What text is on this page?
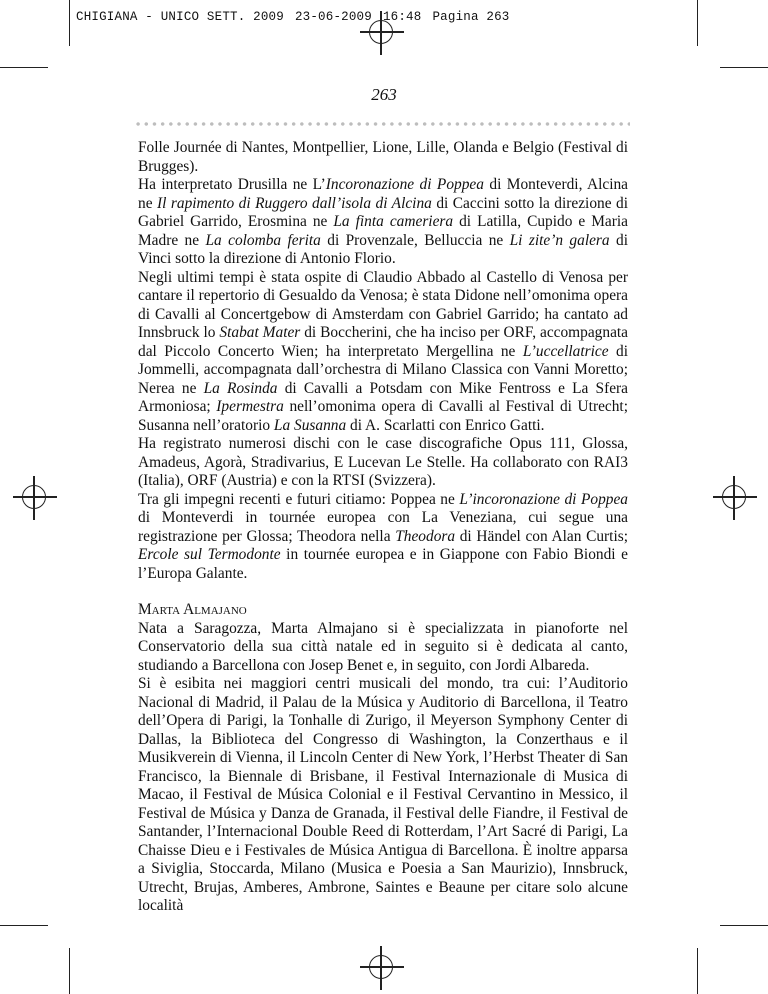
CHIGIANA - UNICO SETT. 2009 23-06-2009 16:48 Pagina 263
263

Folle Journée di Nantes, Montpellier, Lione, Lille, Olanda e Belgio (Festival di Brugges).

Ha interpretato Drusilla ne L’Incoronazione di Poppea di Monteverdi, Alcina ne Il rapimento di Ruggero dall’isola di Alcina di Caccini sotto la direzione di Gabriel Garrido, Erosmina ne La finta cameriera di Latilla, Cupido e Maria Madre ne La colomba ferita di Provenzale, Belluccia ne Li zite’n galera di Vinci sotto la direzione di Antonio Florio.

Negli ultimi tempi è stata ospite di Claudio Abbado al Castello di Venosa per cantare il repertorio di Gesualdo da Venosa; è stata Didone nell’omonima opera di Cavalli al Concertgebow di Amsterdam con Gabriel Garrido; ha cantato ad Innsbruck lo Stabat Mater di Boccherini, che ha inciso per ORF, accompagnata dal Piccolo Concerto Wien; ha interpretato Mergellina ne L’uccellatrice di Jommelli, accompagnata dall’orchestra di Milano Classica con Vanni Moretto; Nerea ne La Rosinda di Cavalli a Potsdam con Mike Fentross e La Sfera Armoniosa; Ipermestra nell’omonima opera di Cavalli al Festival di Utrecht; Susanna nell’oratorio La Susanna di A. Scarlatti con Enrico Gatti.

Ha registrato numerosi dischi con le case discografiche Opus 111, Glossa, Amadeus, Agorà, Stradivarius, E Lucevan Le Stelle. Ha collaborato con RAI3 (Italia), ORF (Austria) e con la RTSI (Svizzera).

Tra gli impegni recenti e futuri citiamo: Poppea ne L’incoronazione di Poppea di Monteverdi in tournée europea con La Veneziana, cui segue una registrazione per Glossa; Theodora nella Theodora di Händel con Alan Curtis; Ercole sul Termodonte in tournée europea e in Giappone con Fabio Biondi e l’Europa Galante.

Marta Almajano

Nata a Saragozza, Marta Almajano si è specializzata in pianoforte nel Conservatorio della sua città natale ed in seguito si è dedicata al canto, studiando a Barcellona con Josep Benet e, in seguito, con Jordi Albareda.

Si è esibita nei maggiori centri musicali del mondo, tra cui: l’Auditorio Nacional di Madrid, il Palau de la Música y Auditorio di Barcellona, il Teatro dell’Opera di Parigi, la Tonhalle di Zurigo, il Meyerson Symphony Center di Dallas, la Biblioteca del Congresso di Washington, la Conzerthaus e il Musikverein di Vienna, il Lincoln Center di New York, l’Herbst Theater di San Francisco, la Biennale di Brisbane, il Festival Internazionale di Musica di Macao, il Festival de Música Colonial e il Festival Cervantino in Messico, il Festival de Música y Danza de Granada, il Festival delle Fiandre, il Festival de Santander, l’Internacional Double Reed di Rotterdam, l’Art Sacré di Parigi, La Chaisse Dieu e i Festivales de Música Antigua di Barcellona. È inoltre apparsa a Siviglia, Stoccarda, Milano (Musica e Poesia a San Maurizio), Innsbruck, Utrecht, Brujas, Amberes, Ambrone, Saintes e Beaune per citare solo alcune località
